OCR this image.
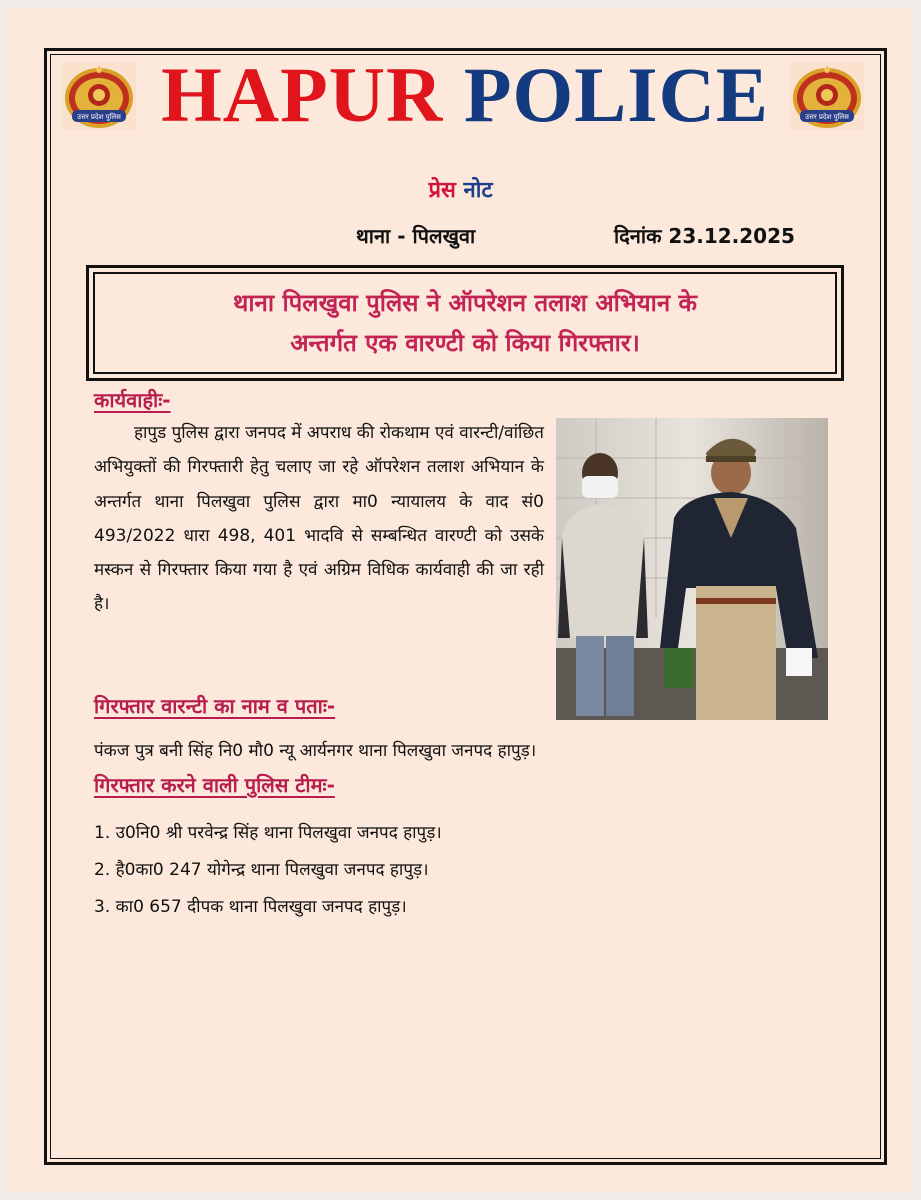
उत्तर प्रदेश पुलिस HAPUR POLICE	उत्तर प्रदेश पुलिस
प्रेस नोट
थाना - पिलखुवा	दिनांक 23.12.2025
थाना पिलखुवा पुलिस ने ऑपरेशन तलाश अभियान के
अन्तर्गत एक वारण्टी को किया गिरफ्तार।
कार्यवाहीः-
हापुड पुलिस द्वारा जनपद में अपराध की रोकथाम एवं वारन्टी/वांछित अभियुक्तों की गिरफ्तारी हेतु चलाए जा रहे ऑपरेशन तलाश अभियान के अन्तर्गत थाना पिलखुवा पुलिस द्वारा मा0 न्यायालय के वाद सं0 493/2022 धारा 498, 401 भादवि से सम्बन्धित वारण्टी को उसके मस्कन से गिरफ्तार किया गया है एवं अग्रिम विधिक कार्यवाही की जा रही है।
गिरफ्तार वारन्टी का नाम व पताः-
पंकज पुत्र बनी सिंह नि0 मौ0 न्यू आर्यनगर थाना पिलखुवा जनपद हापुड़।
गिरफ्तार करने वाली पुलिस टीमः-
1. उ0नि0 श्री परवेन्द्र सिंह थाना पिलखुवा जनपद हापुड़।
2. है0का0 247 योगेन्द्र थाना पिलखुवा जनपद हापुड़।
3. का0 657 दीपक थाना पिलखुवा जनपद हापुड़।
